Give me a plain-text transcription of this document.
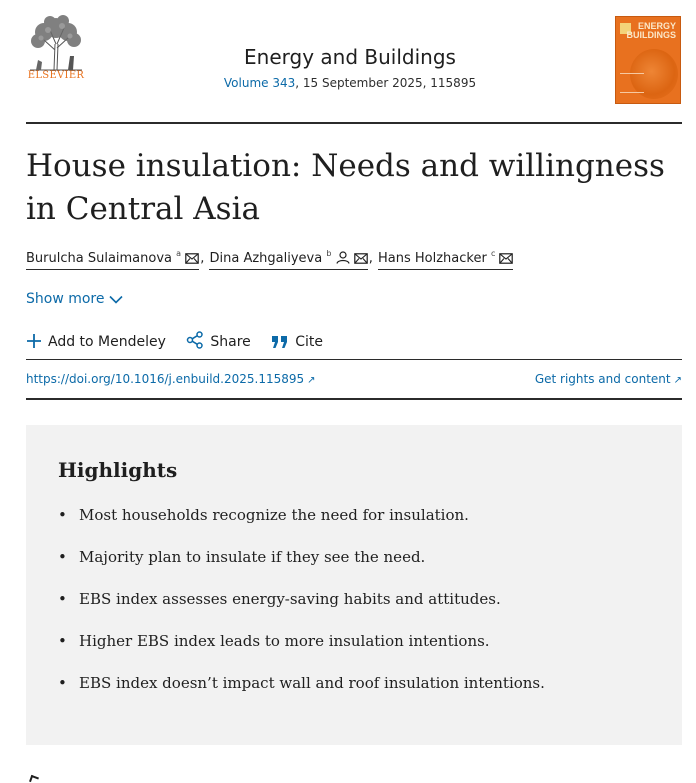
ELSEVIER
Energy and Buildings
Volume 343, 15 September 2025, 115895
ENERGY
BUILDINGS
House insulation: Needs and willingness in Central Asia
Burulcha Sulaimanova $^a$ , Dina Azhgaliyeva $^b$	, Hans Holzhacker $^c$
Show more
Add to Mendeley	Share	Cite
https://doi.org/10.1016/j.enbuild.2025.115895 ↗	Get rights and content ↗
Highlights
• Most households recognize the need for insulation.
• Majority plan to insulate if they see the need.
• EBS index assesses energy-saving habits and attitudes.
• Higher EBS index leads to more insulation intentions.
• EBS index doesn’t impact wall and roof insulation intentions.
